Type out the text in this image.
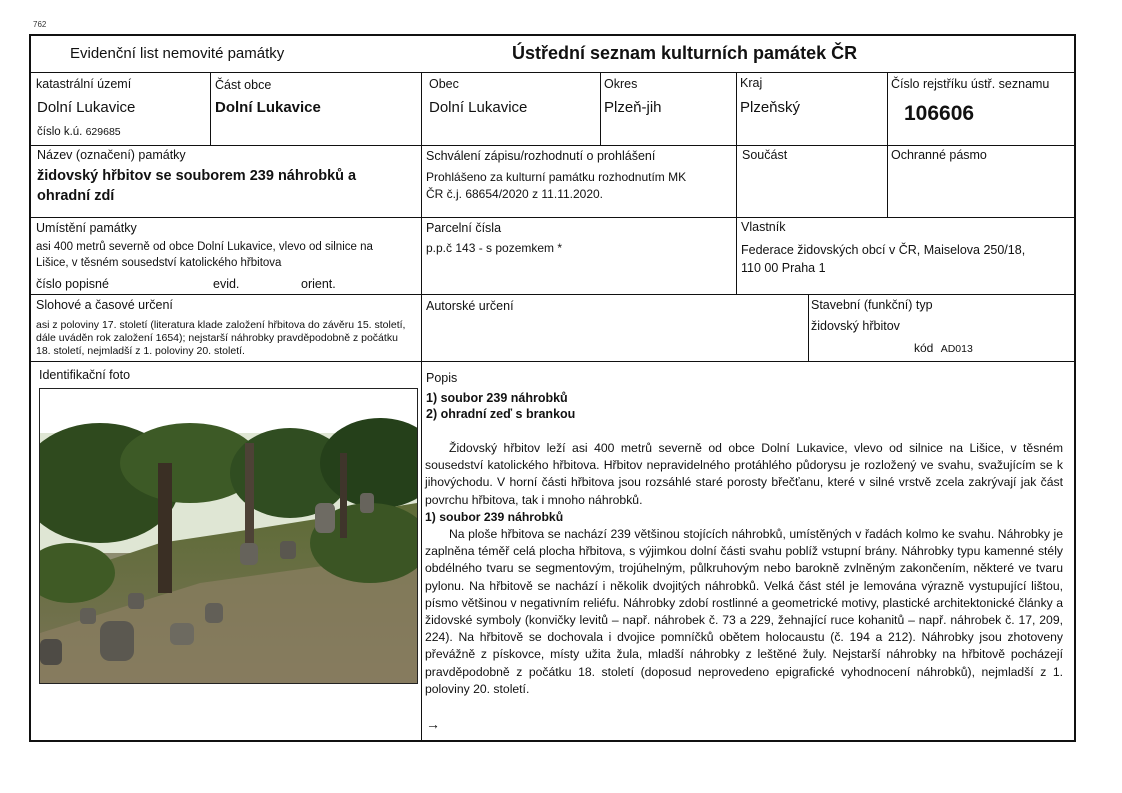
762
Evidenční list nemovité památky	Ústřední seznam kulturních památek ČR
katastrální území
Dolní Lukavice
číslo k.ú. 629685
Část obce
Dolní Lukavice
Obec
Dolní Lukavice
Okres
Plzeň-jih
Kraj
Plzeňský
Číslo rejstříku ústř. seznamu
106606
Název (označení) památky
židovský hřbitov se souborem 239 náhrobků a
ohradní zdí
Schválení zápisu/rozhodnutí o prohlášení
Prohlášeno za kulturní památku rozhodnutím MK
ČR č.j. 68654/2020 z 11.11.2020.
Součást	Ochranné pásmo
Umístění památky
asi 400 metrů severně od obce Dolní Lukavice, vlevo od silnice na
Lišice, v těsném sousedství katolického hřbitova
číslo popisné	evid.	orient.
Parcelní čísla
p.p.č 143 - s pozemkem *
Vlastník
Federace židovských obcí v ČR, Maiselova 250/18,
110 00 Praha 1
Slohové a časové určení
asi z poloviny 17. století (literatura klade založení hřbitova do závěru 15. století,
dále uváděn rok založení 1654); nejstarší náhrobky pravděpodobně z počátku
18. století, nejmladší z 1. poloviny 20. století.
Autorské určení	Stavební (funkční) typ
židovský hřbitov
kód AD013
Identifikační foto	Popis
1) soubor 239 náhrobků
2) ohradní zeď s brankou

Židovský hřbitov leží asi 400 metrů severně od obce Dolní Lukavice, vlevo od silnice na Lišice, v těsném sousedství katolického hřbitova. Hřbitov nepravidelného protáhlého půdorysu je rozložený ve svahu, svažujícím se k jihovýchodu. V horní části hřbitova jsou rozsáhlé staré porosty břečťanu, které v silné vrstvě zcela zakrývají jak část povrchu hřbitova, tak i mnoho náhrobků.

1) soubor 239 náhrobků

Na ploše hřbitova se nachází 239 většinou stojících náhrobků, umístěných v řadách kolmo ke svahu. Náhrobky je zaplněna téměř celá plocha hřbitova, s výjimkou dolní části svahu poblíž vstupní brány. Náhrobky typu kamenné stély obdélného tvaru se segmentovým, trojúhelným, půlkruhovým nebo barokně zvlněným zakončením, některé ve tvaru pylonu. Na hřbitově se nachází i několik dvojitých náhrobků. Velká část stél je lemována výrazně vystupující lištou, písmo většinou v negativním reliéfu. Náhrobky zdobí rostlinné a geometrické motivy, plastické architektonické články a židovské symboly (konvičky levitů – např. náhrobek č. 73 a 229, žehnající ruce kohanitů – např. náhrobek č. 17, 209, 224). Na hřbitově se dochovala i dvojice pomníčků obětem holocaustu (č. 194 a 212). Náhrobky jsou zhotoveny převážně z pískovce, místy užita žula, mladší náhrobky z leštěné žuly. Nejstarší náhrobky na hřbitově pocházejí pravděpodobně z počátku 18. století (doposud neprovedeno epigrafické vyhodnocení náhrobků), nejmladší z 1. poloviny 20. století.

→
